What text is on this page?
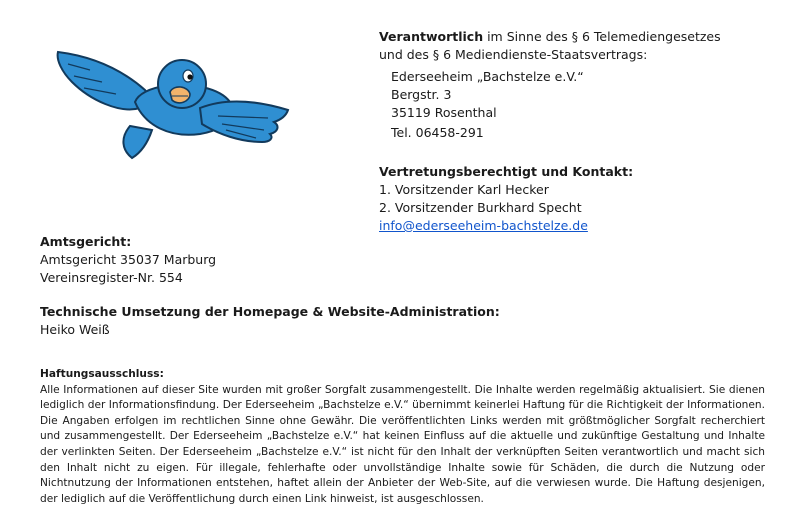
Verantwortlich im Sinne des § 6 Telemediengesetzes
und des § 6 Mediendienste-Staatsvertrags:
Ederseeheim „Bachstelze e.V.“
Bergstr. 3
35119 Rosenthal
Tel. 06458-291
Vertretungsberechtigt und Kontakt:
1. Vorsitzender Karl Hecker
2. Vorsitzender Burkhard Specht
info@ederseeheim-bachstelze.de
Amtsgericht:
Amtsgericht 35037 Marburg
Vereinsregister-Nr. 554
Technische Umsetzung der Homepage & Website-Administration:
Heiko Weiß

Haftungsausschluss:

Alle Informationen auf dieser Site wurden mit großer Sorgfalt zusammengestellt. Die Inhalte werden regelmäßig aktualisiert. Sie dienen lediglich der Informationsfindung. Der Ederseeheim „Bachstelze e.V.“ übernimmt keinerlei Haftung für die Richtigkeit der Informationen. Die Angaben erfolgen im rechtlichen Sinne ohne Gewähr. Die veröffentlichten Links werden mit größtmöglicher Sorgfalt recherchiert und zusammengestellt. Der Ederseeheim „Bachstelze e.V.“ hat keinen Einfluss auf die aktuelle und zukünftige Gestaltung und Inhalte der verlinkten Seiten. Der Ederseeheim „Bachstelze e.V.“ ist nicht für den Inhalt der verknüpften Seiten verantwortlich und macht sich den Inhalt nicht zu eigen. Für illegale, fehlerhafte oder unvollständige Inhalte sowie für Schäden, die durch die Nutzung oder Nichtnutzung der Informationen entstehen, haftet allein der Anbieter der Web-Site, auf die verwiesen wurde. Die Haftung desjenigen, der lediglich auf die Veröffentlichung durch einen Link hinweist, ist ausgeschlossen.
